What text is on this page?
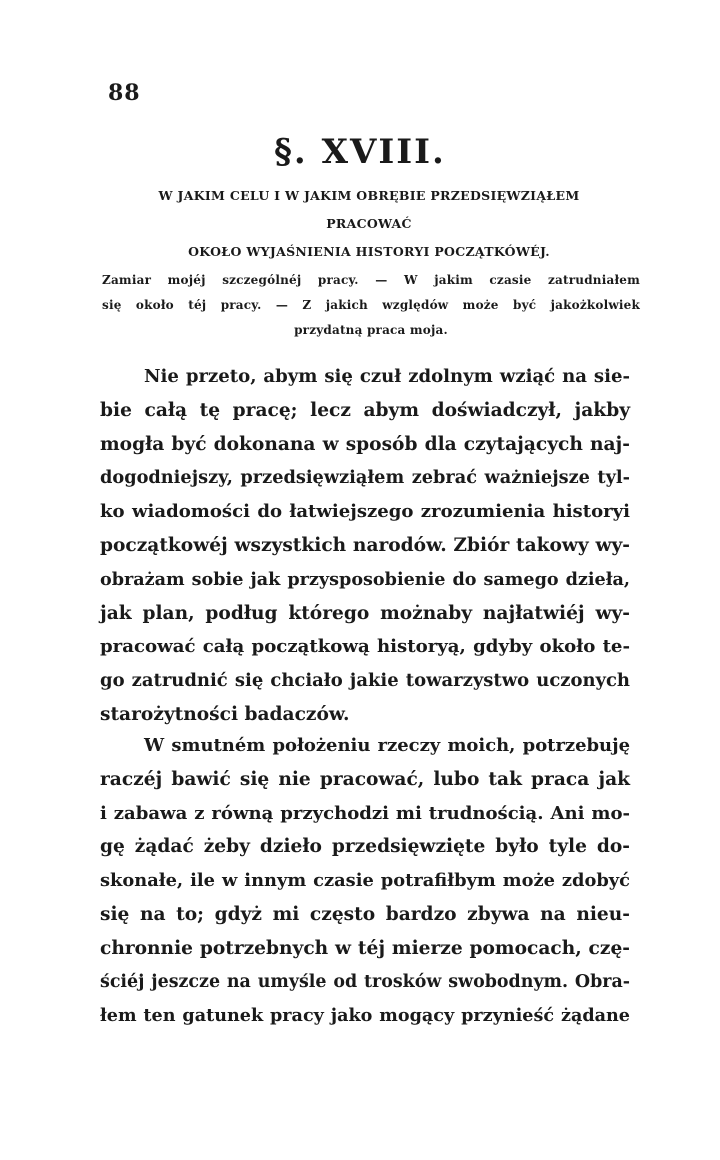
88
§. XVIII.
W JAKIM CELU I W JAKIM OBRĘBIE PRZEDSIĘWZIĄŁEM
PRACOWAĆ
OKOŁO WYJAŚNIENIA HISTORYI POCZĄTKÓWÉJ.
Zamiar mojéj szczególnéj pracy. — W jakim czasie zatrudniałem
się około téj pracy. — Z jakich względów może być jakożkolwiek
przydatną praca moja.
Nie przeto, abym się czuł zdolnym wziąć na sie-
bie całą tę pracę; lecz abym doświadczył, jakby
mogła być dokonana w sposób dla czytających naj-
dogodniejszy, przedsięwziąłem zebrać ważniejsze tyl-
ko wiadomości do łatwiejszego zrozumienia historyi
początkowéj wszystkich narodów. Zbiór takowy wy-
obrażam sobie jak przysposobienie do samego dzieła,
jak plan, podług którego możnaby najłatwiéj wy-
pracować całą początkową historyą, gdyby około te-
go zatrudnić się chciało jakie towarzystwo uczonych
starożytności badaczów.
W smutném położeniu rzeczy moich, potrzebuję
raczéj bawić się nie pracować, lubo tak praca jak
i zabawa z równą przychodzi mi trudnością. Ani mo-
gę żądać żeby dzieło przedsięwzięte było tyle do-
skonałe, ile w innym czasie potrafiłbym może zdobyć
się na to; gdyż mi często bardzo zbywa na nieu-
chronnie potrzebnych w téj mierze pomocach, czę-
ściéj jeszcze na umyśle od trosków swobodnym. Obra-
łem ten gatunek pracy jako mogący przynieść żądane
